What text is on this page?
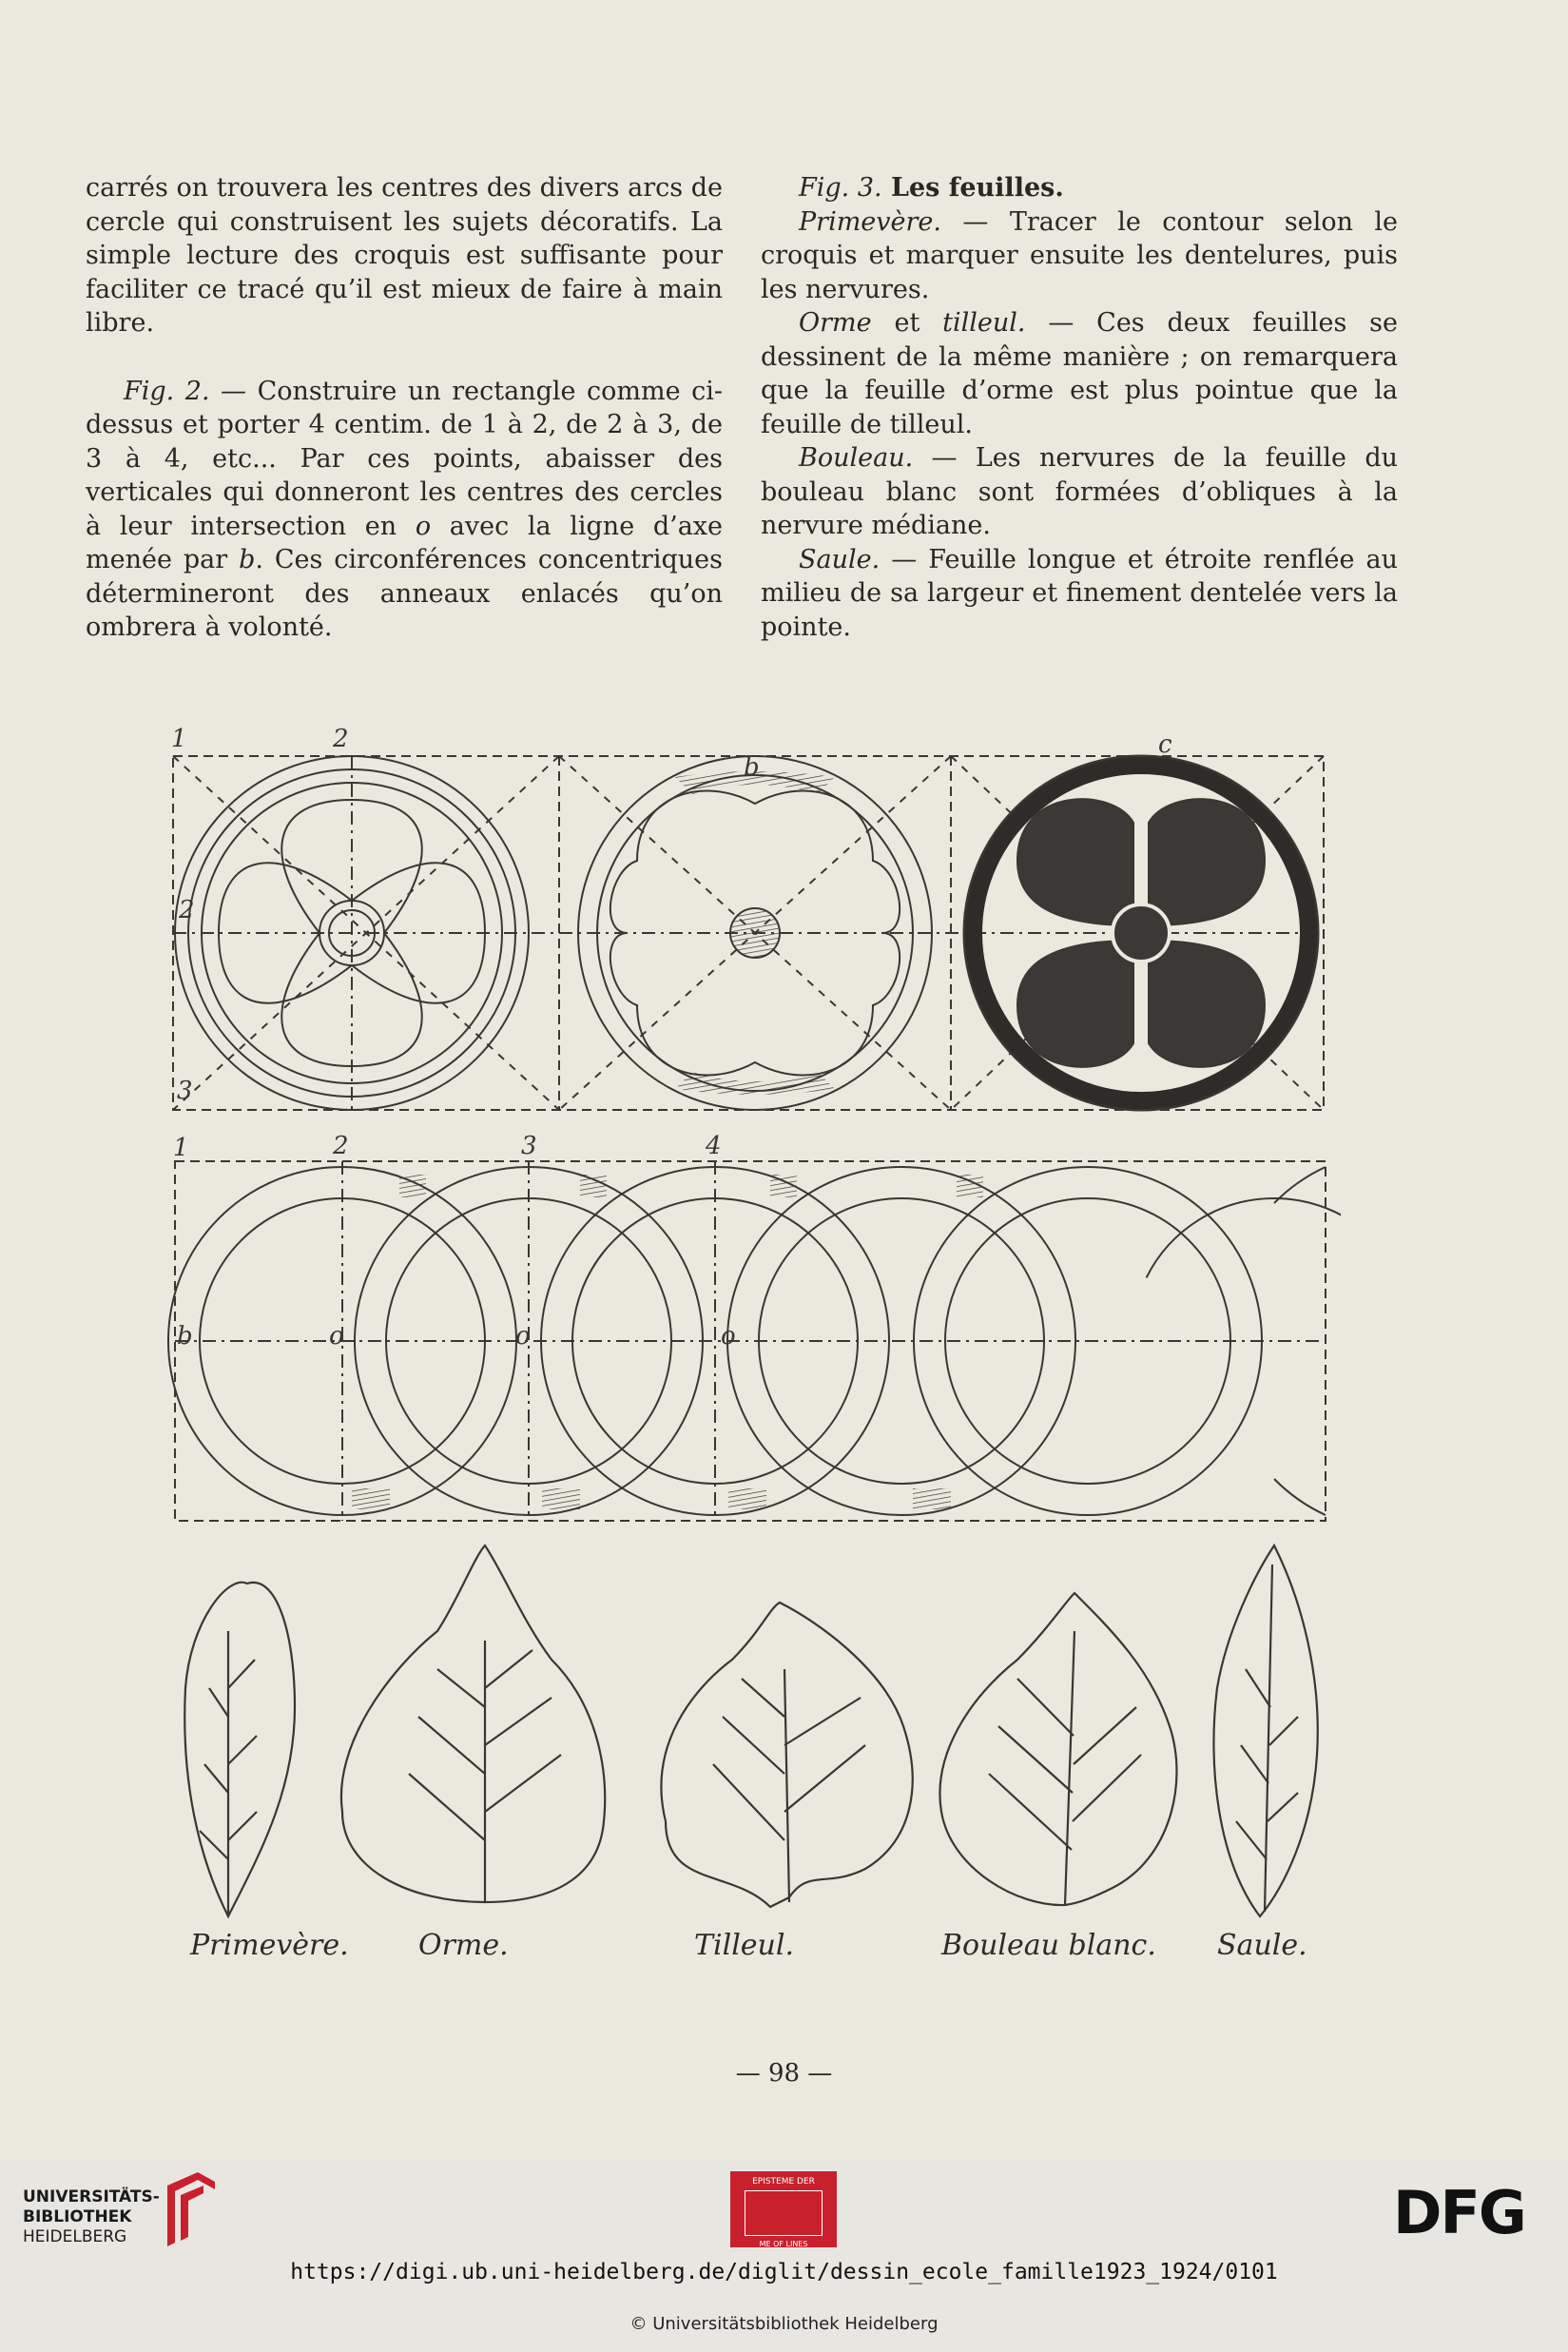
carrés on trouvera les centres des divers arcs de cercle qui construisent les sujets décoratifs. La simple lecture des croquis est suffisante pour faciliter ce tracé qu’il est mieux de faire à main libre.

Fig. 2. — Construire un rectangle comme ci-dessus et porter 4 centim. de 1 à 2, de 2 à 3, de 3 à 4, etc... Par ces points, abaisser des verticales qui donneront les centres des cercles à leur intersection en o avec la ligne d’axe menée par b. Ces circonférences concentriques détermineront des anneaux enlacés qu’on ombrera à volonté.

Fig. 3. Les feuilles.

Primevère. — Tracer le contour selon le croquis et marquer ensuite les dentelures, puis les nervures.

Orme et tilleul. — Ces deux feuilles se dessinent de la même manière ; on remarquera que la feuille d’orme est plus pointue que la feuille de tilleul.

Bouleau. — Les nervures de la feuille du bouleau blanc sont formées d’obliques à la nervure médiane.

Saule. — Feuille longue et étroite renflée au milieu de sa largeur et finement dentelée vers la pointe.

1	2
2
3
b
c
1	2	3	4
b	o	o	o
Primevère. Orme.	Tilleul.	Bouleau blanc. Saule.
— 98 —
UNIVERSITÄTS-
BIBLIOTHEK
HEIDELBERG
EPISTEME DER
ME OF LINES	DFG
https://digi.ub.uni-heidelberg.de/diglit/dessin_ecole_famille1923_1924/0101
© Universitätsbibliothek Heidelberg
